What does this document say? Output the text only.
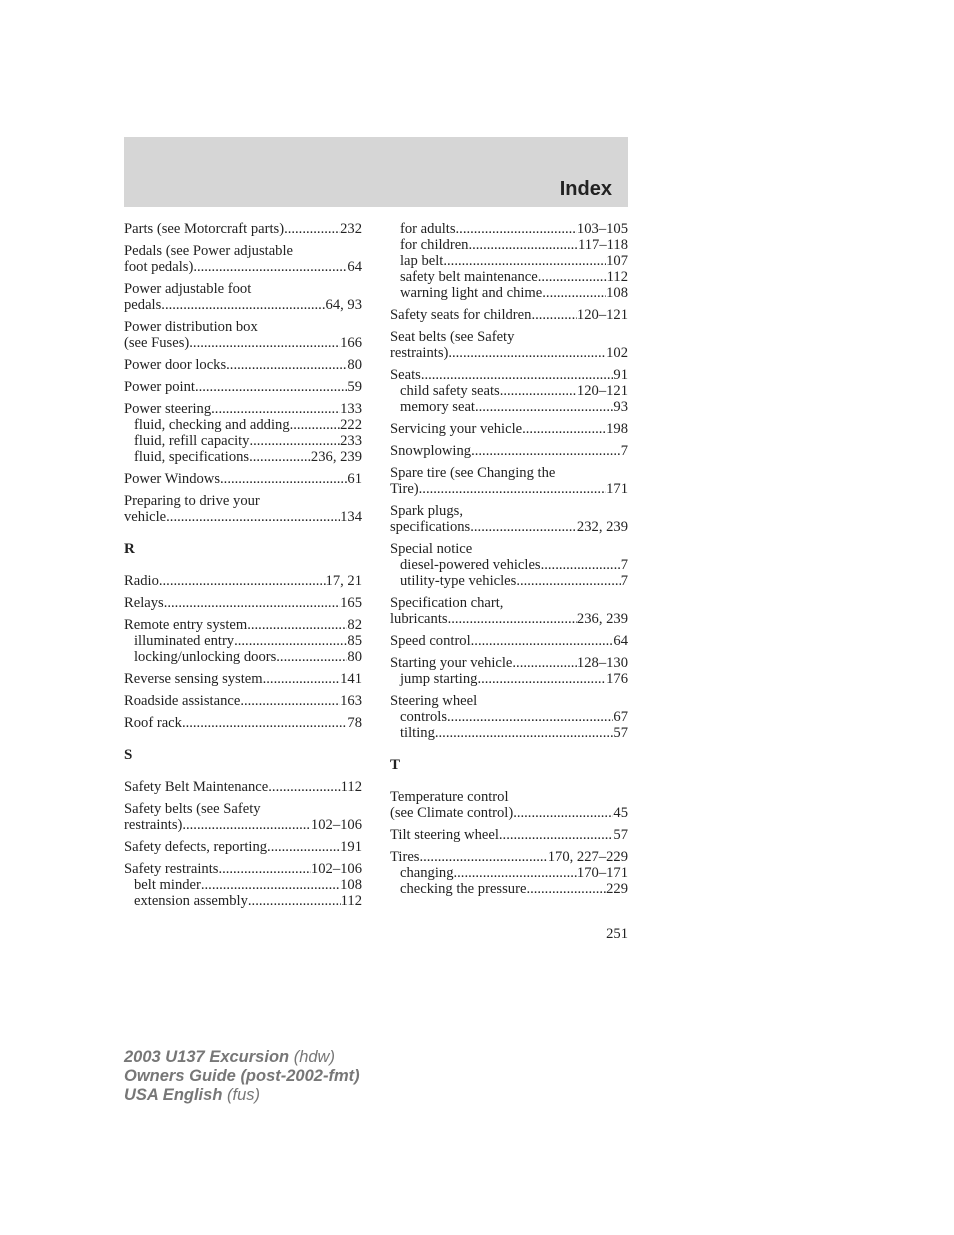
Index
Parts (see Motorcraft parts) .....	232
Pedals (see Power adjustable
foot pedals) .....	64
Power adjustable foot
pedals .....	64, 93
Power distribution box
(see Fuses) .....	166
Power door locks .....	80
Power point .....	59
Power steering .....	133
fluid, checking and adding .....	222
fluid, refill capacity .....	233
fluid, specifications .....	236, 239
Power Windows .....	61
Preparing to drive your
vehicle .....	134
R
Radio .....	17, 21
Relays .....	165
Remote entry system .....	82
illuminated entry .....	85
locking/unlocking doors .....	80
Reverse sensing system .....	141
Roadside assistance .....	163
Roof rack .....	78
S
Safety Belt Maintenance .....	112
Safety belts (see Safety
restraints) .....	102–106
Safety defects, reporting .....	191
Safety restraints .....	102–106
belt minder .....	108
extension assembly .....	112
for adults .....	103–105
for children .....	117–118
lap belt .....	107
safety belt maintenance .....	112
warning light and chime .....	108
Safety seats for children .....	120–121
Seat belts (see Safety
restraints) .....	102
Seats .....	91
child safety seats .....	120–121
memory seat .....	93
Servicing your vehicle .....	198
Snowplowing .....	7
Spare tire (see Changing the
Tire) .....	171
Spark plugs,
specifications .....	232, 239
Special notice
diesel-powered vehicles .....	7
utility-type vehicles .....	7
Specification chart,
lubricants .....	236, 239
Speed control .....	64
Starting your vehicle .....	128–130
jump starting .....	176
Steering wheel
controls .....	67
tilting .....	57
T
Temperature control
(see Climate control) .....	45
Tilt steering wheel .....	57
Tires .....	170, 227–229
changing .....	170–171
checking the pressure .....	229
251
2003 U137 Excursion (hdw)
Owners Guide (post-2002-fmt)
USA English (fus)
